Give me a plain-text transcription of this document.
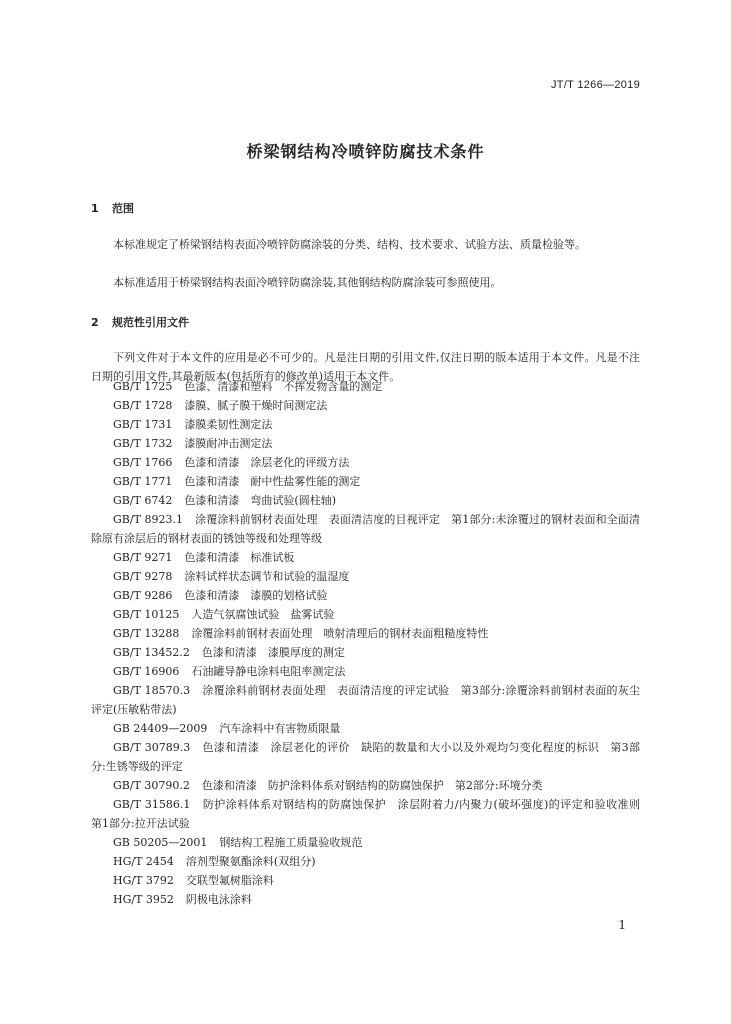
JT/T 1266—2019
桥梁钢结构冷喷锌防腐技术条件
1 范围
本标准规定了桥梁钢结构表面冷喷锌防腐涂装的分类、结构、技术要求、试验方法、质量检验等。
本标准适用于桥梁钢结构表面冷喷锌防腐涂装,其他钢结构防腐涂装可参照使用。
2 规范性引用文件
下列文件对于本文件的应用是必不可少的。凡是注日期的引用文件,仅注日期的版本适用于本文件。凡是不注日期的引用文件,其最新版本(包括所有的修改单)适用于本文件。
GB/T 1725 色漆、清漆和塑料　不挥发物含量的测定
GB/T 1728 漆膜、腻子膜干燥时间测定法
GB/T 1731 漆膜柔韧性测定法
GB/T 1732 漆膜耐冲击测定法
GB/T 1766 色漆和清漆　涂层老化的评级方法
GB/T 1771 色漆和清漆　耐中性盐雾性能的测定
GB/T 6742 色漆和清漆　弯曲试验(圆柱轴)
GB/T 8923.1 涂覆涂料前钢材表面处理　表面清洁度的目视评定　第1部分:未涂覆过的钢材表面和全面清除原有涂层后的钢材表面的锈蚀等级和处理等级
GB/T 9271 色漆和清漆　标准试板
GB/T 9278 涂料试样状态调节和试验的温湿度
GB/T 9286 色漆和清漆　漆膜的划格试验
GB/T 10125 人造气氛腐蚀试验　盐雾试验
GB/T 13288 涂覆涂料前钢材表面处理　喷射清理后的钢材表面粗糙度特性
GB/T 13452.2 色漆和清漆　漆膜厚度的测定
GB/T 16906 石油罐导静电涂料电阻率测定法
GB/T 18570.3 涂覆涂料前钢材表面处理　表面清洁度的评定试验　第3部分:涂覆涂料前钢材表面的灰尘评定(压敏粘带法)
GB 24409—2009 汽车涂料中有害物质限量
GB/T 30789.3 色漆和清漆　涂层老化的评价　缺陷的数量和大小以及外观均匀变化程度的标识　第3部分:生锈等级的评定
GB/T 30790.2 色漆和清漆　防护涂料体系对钢结构的防腐蚀保护　第2部分:环境分类
GB/T 31586.1 防护涂料体系对钢结构的防腐蚀保护　涂层附着力/内聚力(破坏强度)的评定和验收准则　第1部分:拉开法试验
GB 50205—2001 钢结构工程施工质量验收规范
HG/T 2454 溶剂型聚氨酯涂料(双组分)
HG/T 3792 交联型氟树脂涂料
HG/T 3952 阴极电泳涂料
1
